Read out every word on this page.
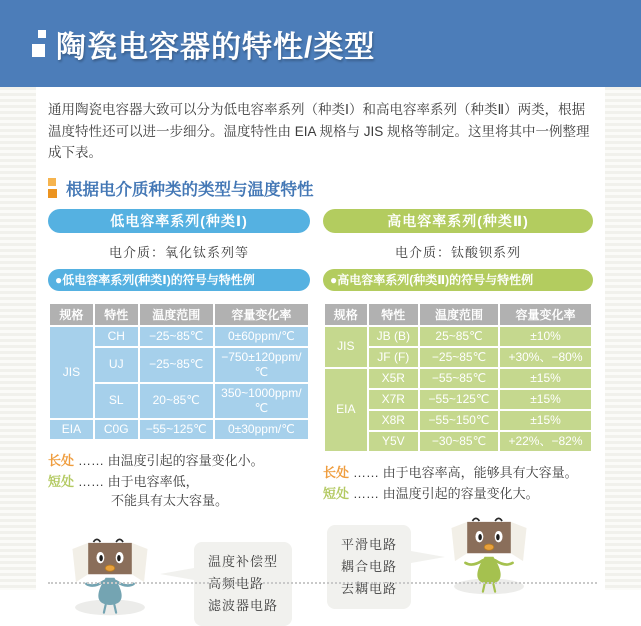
陶瓷电容器的特性/类型

通用陶瓷电容器大致可以分为低电容率系列（种类Ⅰ）和高电容率系列（种类Ⅱ）两类，根据温度特性还可以进一步细分。温度特性由 EIA 规格与 JIS 规格等制定。这里将其中一例整理成下表。

根据电介质种类的类型与温度特性
低电容率系列(种类Ⅰ)
电介质：氧化钛系列等
●低电容率系列(种类Ⅰ)的符号与特性例
规格	特性	温度范围	容量变化率
JIS	CH	−25~85℃	0±60ppm/℃
	UJ	−25~85℃	−750±120ppm/℃
	SL	20~85℃	350~1000ppm/℃
EIA	C0G	−55~125℃	0±30ppm/℃
长处 …… 由温度引起的容量变化小。
短处 …… 由于电容率低，
不能具有太大容量。
温度补偿型
高频电路
滤波器电路
高电容率系列(种类Ⅱ)
电介质：钛酸钡系列
●高电容率系列(种类Ⅱ)的符号与特性例
规格	特性	温度范围	容量变化率
JIS	JB (B)	25~85℃	±10%
	JF (F)	−25~85℃	+30%、−80%
EIA	X5R	−55~85℃	±15%
	X7R	−55~125℃	±15%
	X8R	−55~150℃	±15%
	Y5V	−30~85℃	+22%、−82%
长处 …… 由于电容率高，能够具有大容量。
短处 …… 由温度引起的容量变化大。
平滑电路
耦合电路
去耦电路
